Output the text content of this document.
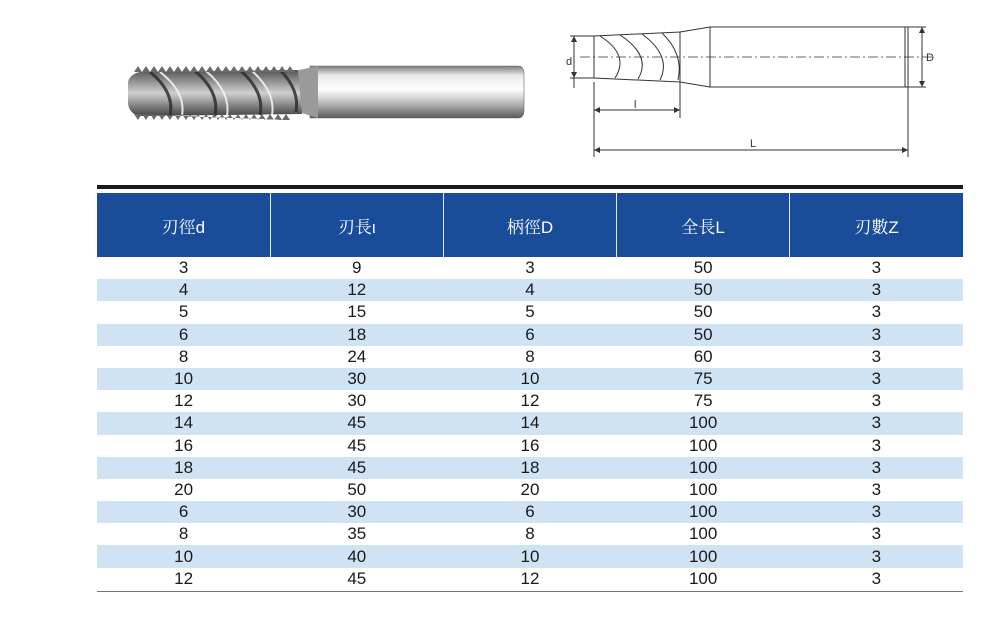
d	D
l
L
刃徑d	刃長ι	柄徑D	全長L	刃數Z
3	9	3	50	3
4	12	4	50	3
5	15	5	50	3
6	18	6	50	3
8	24	8	60	3
10	30	10	75	3
12	30	12	75	3
14	45	14	100	3
16	45	16	100	3
18	45	18	100	3
20	50	20	100	3
6	30	6	100	3
8	35	8	100	3
10	40	10	100	3
12	45	12	100	3
